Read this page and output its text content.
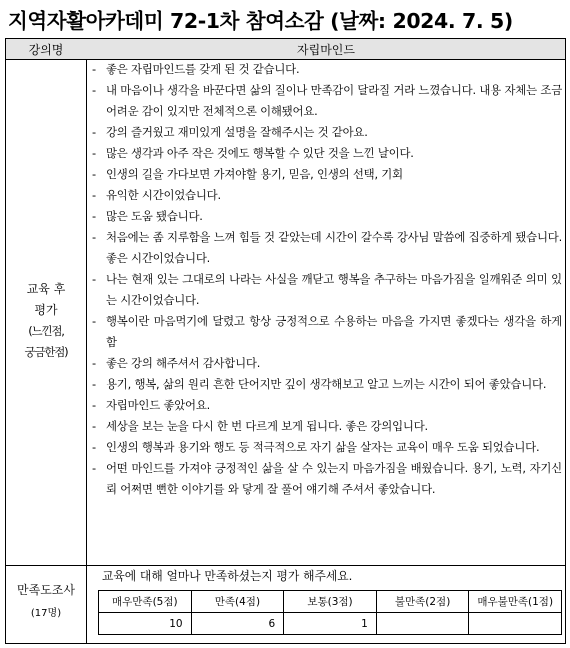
지역자활아카데미 72-1차 참여소감 (날짜: 2024. 7. 5)
강의명	자립마인드
교육 후
평가
(느낀점,
궁금한점)
- 좋은 자립마인드를 갖게 된 것 같습니다.
- 내 마음이나 생각을 바꾼다면 삶의 질이나 만족감이 달라질 거라 느꼈습니다. 내용 자체는 조금 어려운 감이 있지만 전체적으론 이해됐어요.
- 강의 즐거웠고 재미있게 설명을 잘해주시는 것 같아요.
- 많은 생각과 아주 작은 것에도 행복할 수 있단 것을 느낀 날이다.
- 인생의 길을 가다보면 가져야할 용기, 믿음, 인생의 선택, 기회
- 유익한 시간이었습니다.
- 많은 도움 됐습니다.
- 처음에는 좀 지루함을 느껴 힘들 것 같았는데 시간이 갈수록 강사님 말씀에 집중하게 됐습니다. 좋은 시간이었습니다.
- 나는 현재 있는 그대로의 나라는 사실을 깨닫고 행복을 추구하는 마음가짐을 일깨워준 의미 있는 시간이었습니다.
- 행복이란 마음먹기에 달렸고 항상 긍정적으로 수용하는 마음을 가지면 좋겠다는 생각을 하게 함
- 좋은 강의 해주셔서 감사합니다.
- 용기, 행복, 삶의 원리 흔한 단어지만 깊이 생각해보고 알고 느끼는 시간이 되어 좋았습니다.
- 자립마인드 좋았어요.
- 세상을 보는 눈을 다시 한 번 다르게 보게 됩니다. 좋은 강의입니다.
- 인생의 행복과 용기와 행도 등 적극적으로 자기 삶을 살자는 교육이 매우 도움 되었습니다.
- 어떤 마인드를 가져야 긍정적인 삶을 살 수 있는지 마음가짐을 배웠습니다. 용기, 노력, 자기신뢰 어쩌면 뻔한 이야기를 와 닿게 잘 풀어 얘기해 주셔서 좋았습니다.
만족도조사
(17명)
교육에 대해 얼마나 만족하셨는지 평가 해주세요.
매우만족(5점)	만족(4점)	보통(3점)	불만족(2점)	매우불만족(1점)
10	6	1		
